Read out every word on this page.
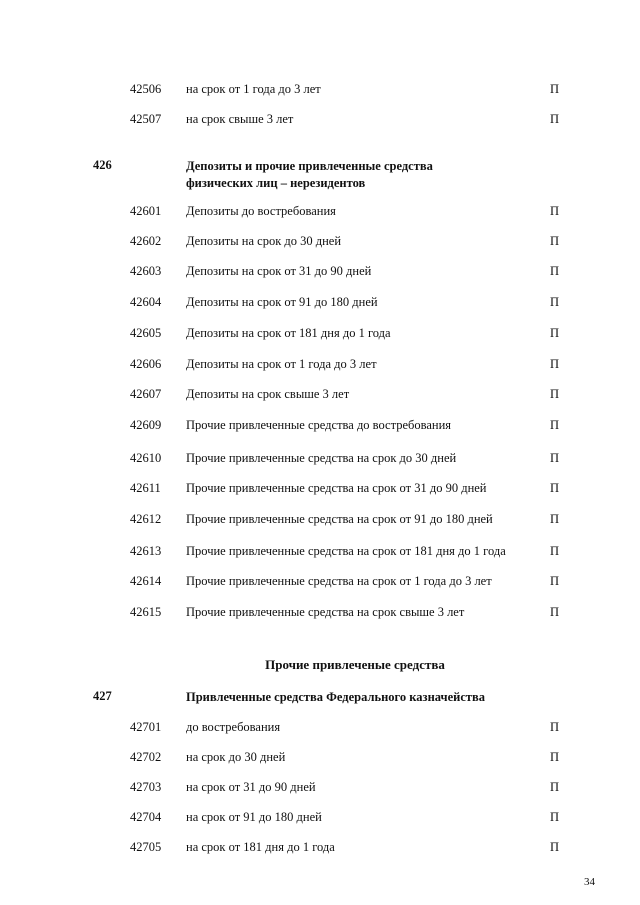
42506 на срок от 1 года до 3 лет	П
42507 на срок свыше 3 лет	П
426	Депозиты и прочие привлеченные средства
физических лиц – нерезидентов
42601 Депозиты до востребования	П
42602 Депозиты на срок до 30 дней	П
42603 Депозиты на срок от 31 до 90 дней	П
42604 Депозиты на срок от 91 до 180 дней	П
42605 Депозиты на срок от 181 дня до 1 года	П
42606 Депозиты на срок от 1 года до 3 лет	П
42607 Депозиты на срок свыше 3 лет	П
42609 Прочие привлеченные средства до востребования	П
42610 Прочие привлеченные средства на срок до 30 дней	П
42611 Прочие привлеченные средства на срок от 31 до 90 дней	П
42612 Прочие привлеченные средства на срок от 91 до 180 дней	П
42613 Прочие привлеченные средства на срок от 181 дня до 1 года	П
42614 Прочие привлеченные средства на срок от 1 года до 3 лет	П
42615 Прочие привлеченные средства на срок свыше 3 лет	П
Прочие привлеченые средства
427	Привлеченные средства Федерального казначейства
42701 до востребования	П
42702 на срок до 30 дней	П
42703 на срок от 31 до 90 дней	П
42704 на срок от 91 до 180 дней	П
42705 на срок от 181 дня до 1 года	П
34
